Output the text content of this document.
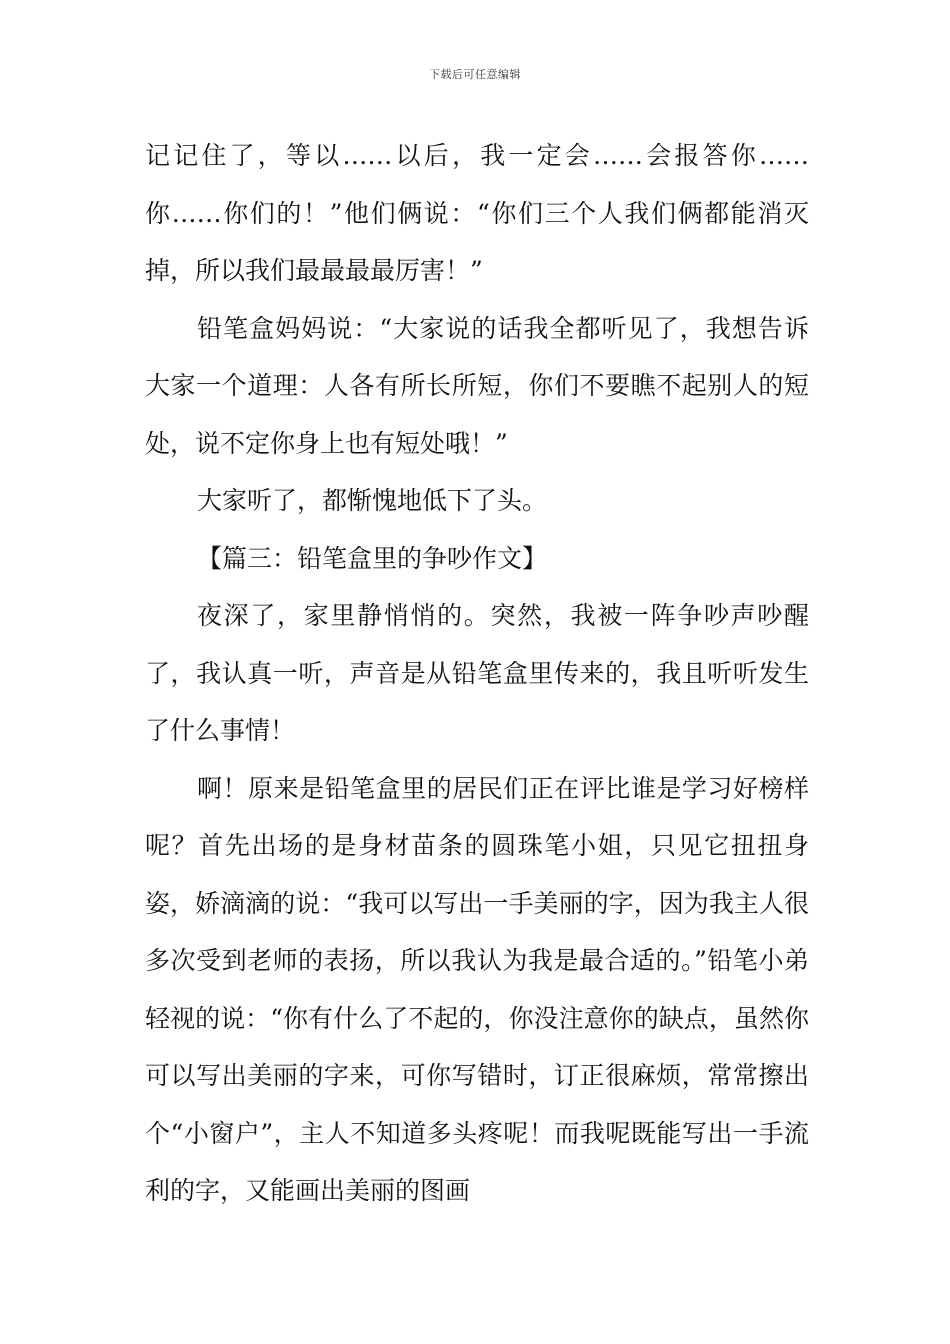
下载后可任意编辑

记记住了，等以……以后，我一定会……会报答你……你……你们的！”他们俩说：“你们三个人我们俩都能消灭掉，所以我们最最最最厉害！”

铅笔盒妈妈说：“大家说的话我全都听见了，我想告诉大家一个道理：人各有所长所短，你们不要瞧不起别人的短处，说不定你身上也有短处哦！”

大家听了，都惭愧地低下了头。

【篇三：铅笔盒里的争吵作文】

夜深了，家里静悄悄的。突然，我被一阵争吵声吵醒了，我认真一听，声音是从铅笔盒里传来的，我且听听发生了什么事情！

啊！原来是铅笔盒里的居民们正在评比谁是学习好榜样呢？首先出场的是身材苗条的圆珠笔小姐，只见它扭扭身姿，娇滴滴的说：“我可以写出一手美丽的字，因为我主人很多次受到老师的表扬，所以我认为我是最合适的。”铅笔小弟轻视的说：“你有什么了不起的，你没注意你的缺点，虽然你可以写出美丽的字来，可你写错时，订正很麻烦，常常擦出个“小窗户”，主人不知道多头疼呢！而我呢既能写出一手流利的字，又能画出美丽的图画
